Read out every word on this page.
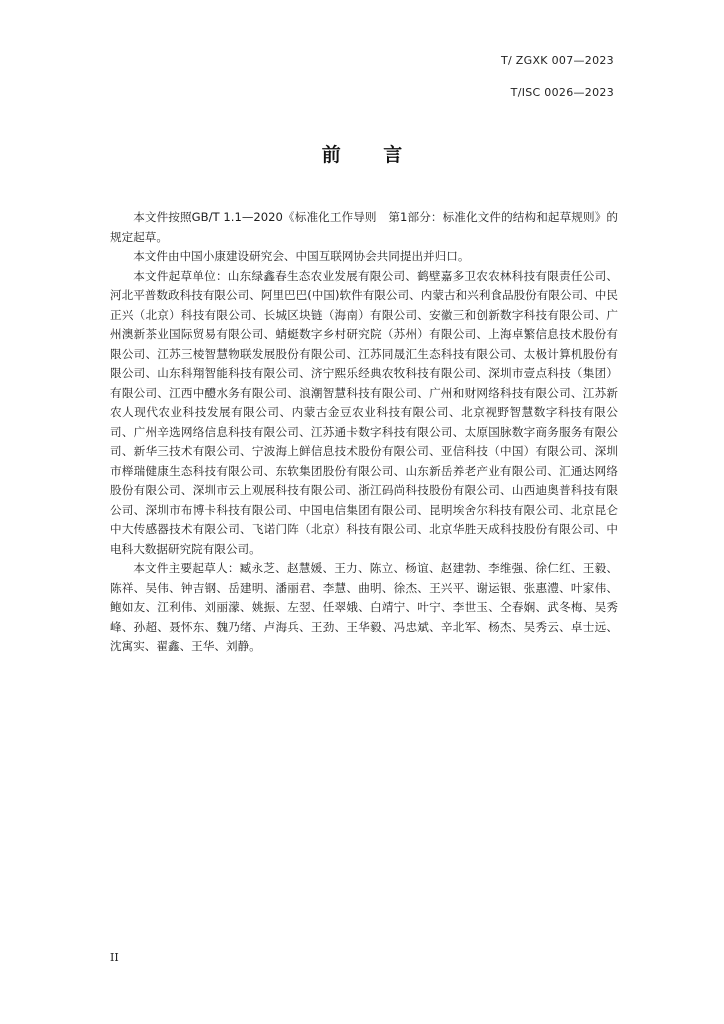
T/ ZGXK 007—2023
T/ISC 0026—2023
前 言

本文件按照GB/T 1.1—2020《标准化工作导则　第1部分：标准化文件的结构和起草规则》的规定起草。

本文件由中国小康建设研究会、中国互联网协会共同提出并归口。

本文件起草单位：山东绿鑫春生态农业发展有限公司、鹤壁嘉多卫农农林科技有限责任公司、河北平普数政科技有限公司、阿里巴巴(中国)软件有限公司、内蒙古和兴利食品股份有限公司、中民正兴（北京）科技有限公司、长城区块链（海南）有限公司、安徽三和创新数字科技有限公司、广州澳新茶业国际贸易有限公司、蜻蜓数字乡村研究院（苏州）有限公司、上海卓繁信息技术股份有限公司、江苏三棱智慧物联发展股份有限公司、江苏同晟汇生态科技有限公司、太极计算机股份有限公司、山东科翔智能科技有限公司、济宁熙乐经典农牧科技有限公司、深圳市壹点科技（集团）有限公司、江西中醴水务有限公司、浪潮智慧科技有限公司、广州和财网络科技有限公司、江苏新农人现代农业科技发展有限公司、内蒙古金豆农业科技有限公司、北京视野智慧数字科技有限公司、广州辛选网络信息科技有限公司、江苏通卡数字科技有限公司、太原国脉数字商务服务有限公司、新华三技术有限公司、宁波海上鲜信息技术股份有限公司、亚信科技（中国）有限公司、深圳市榉瑞健康生态科技有限公司、东软集团股份有限公司、山东新岳养老产业有限公司、汇通达网络股份有限公司、深圳市云上观展科技有限公司、浙江码尚科技股份有限公司、山西迪奥普科技有限公司、深圳市布博卡科技有限公司、中国电信集团有限公司、昆明埃舍尔科技有限公司、北京昆仑中大传感器技术有限公司、飞诺门阵（北京）科技有限公司、北京华胜天成科技股份有限公司、中电科大数据研究院有限公司。

本文件主要起草人：臧永芝、赵慧媛、王力、陈立、杨谊、赵建勃、李维强、徐仁红、王毅、陈祥、吴伟、钟吉钢、岳建明、潘丽君、李慧、曲明、徐杰、王兴平、谢运银、张惠澧、叶家伟、鲍如友、江利伟、刘丽濛、姚振、左翌、任翠娥、白靖宁、叶宁、李世玉、仝春娴、武冬梅、吴秀峰、孙超、聂怀东、魏乃绪、卢海兵、王劲、王华毅、冯忠斌、辛北军、杨杰、吴秀云、卓士远、沈寓实、翟鑫、王华、刘静。

II
